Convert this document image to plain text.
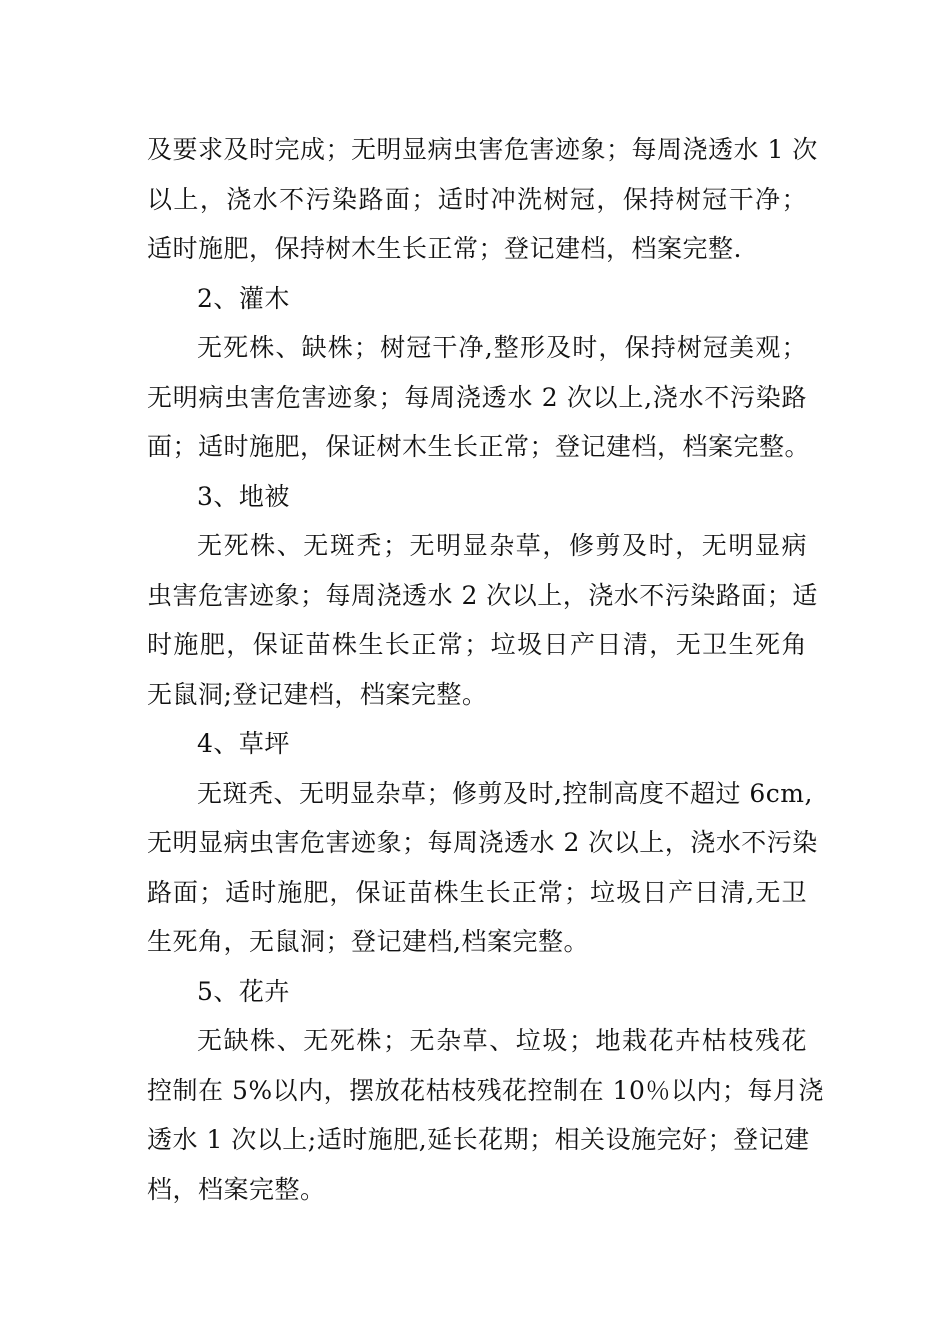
及要求及时完成；无明显病虫害危害迹象；每周浇透水 1 次
以上，浇水不污染路面；适时冲洗树冠，保持树冠干净；
适时施肥，保持树木生长正常；登记建档，档案完整.
2、灌木
无死株、缺株；树冠干净,整形及时，保持树冠美观；
无明病虫害危害迹象；每周浇透水 2 次以上,浇水不污染路
面；适时施肥，保证树木生长正常；登记建档，档案完整。
3、地被
无死株、无斑秃；无明显杂草，修剪及时，无明显病
虫害危害迹象；每周浇透水 2 次以上，浇水不污染路面；适
时施肥，保证苗株生长正常；垃圾日产日清，无卫生死角
无鼠洞;登记建档，档案完整。
4、草坪
无斑秃、无明显杂草；修剪及时,控制高度不超过 6cm,
无明显病虫害危害迹象；每周浇透水 2 次以上，浇水不污染
路面；适时施肥，保证苗株生长正常；垃圾日产日清,无卫
生死角，无鼠洞；登记建档,档案完整。
5、花卉
无缺株、无死株；无杂草、垃圾；地栽花卉枯枝残花
控制在 5%以内，摆放花枯枝残花控制在 10％以内；每月浇
透水 1 次以上;适时施肥,延长花期；相关设施完好；登记建
档，档案完整。
